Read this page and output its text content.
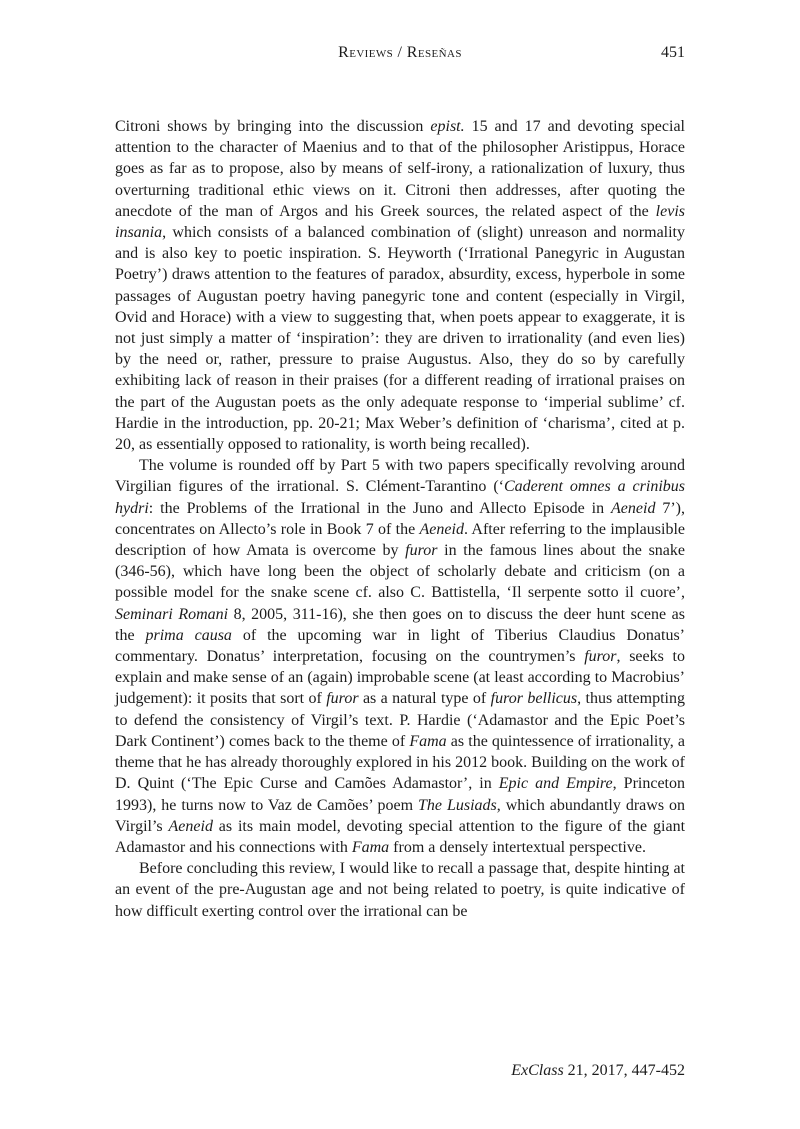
Reviews / Reseñas	451

Citroni shows by bringing into the discussion epist. 15 and 17 and devoting special attention to the character of Maenius and to that of the philosopher Aristippus, Horace goes as far as to propose, also by means of self-irony, a rationalization of luxury, thus overturning traditional ethic views on it. Citroni then addresses, after quoting the anecdote of the man of Argos and his Greek sources, the related aspect of the levis insania, which consists of a balanced combination of (slight) unreason and normality and is also key to poetic inspiration. S. Heyworth (‘Irrational Panegyric in Augustan Poetry’) draws attention to the features of paradox, absurdity, excess, hyperbole in some passages of Augustan poetry having panegyric tone and content (especially in Virgil, Ovid and Horace) with a view to suggesting that, when poets appear to exaggerate, it is not just simply a matter of ‘inspiration’: they are driven to irrationality (and even lies) by the need or, rather, pressure to praise Augustus. Also, they do so by carefully exhibiting lack of reason in their praises (for a different reading of irrational praises on the part of the Augustan poets as the only adequate response to ‘imperial sublime’ cf. Hardie in the introduction, pp. 20-21; Max Weber’s definition of ‘charisma’, cited at p. 20, as essentially opposed to rationality, is worth being recalled).

The volume is rounded off by Part 5 with two papers specifically revolving around Virgilian figures of the irrational. S. Clément-Tarantino (‘Caderent omnes a crinibus hydri: the Problems of the Irrational in the Juno and Allecto Episode in Aeneid 7’), concentrates on Allecto’s role in Book 7 of the Aeneid. After referring to the implausible description of how Amata is overcome by furor in the famous lines about the snake (346-56), which have long been the object of scholarly debate and criticism (on a possible model for the snake scene cf. also C. Battistella, ‘Il serpente sotto il cuore’, Seminari Romani 8, 2005, 311-16), she then goes on to discuss the deer hunt scene as the prima causa of the upcoming war in light of Tiberius Claudius Donatus’ commentary. Donatus’ interpretation, focusing on the countrymen’s furor, seeks to explain and make sense of an (again) improbable scene (at least according to Macrobius’ judgement): it posits that sort of furor as a natural type of furor bellicus, thus attempting to defend the consistency of Virgil’s text. P. Hardie (‘Adamastor and the Epic Poet’s Dark Continent’) comes back to the theme of Fama as the quintessence of irrationality, a theme that he has already thoroughly explored in his 2012 book. Building on the work of D. Quint (‘The Epic Curse and Camões Adamastor’, in Epic and Empire, Princeton 1993), he turns now to Vaz de Camões’ poem The Lusiads, which abundantly draws on Virgil’s Aeneid as its main model, devoting special attention to the figure of the giant Adamastor and his connections with Fama from a densely intertextual perspective.

Before concluding this review, I would like to recall a passage that, despite hinting at an event of the pre-Augustan age and not being related to poetry, is quite indicative of how difficult exerting control over the irrational can be

ExClass 21, 2017, 447-452
